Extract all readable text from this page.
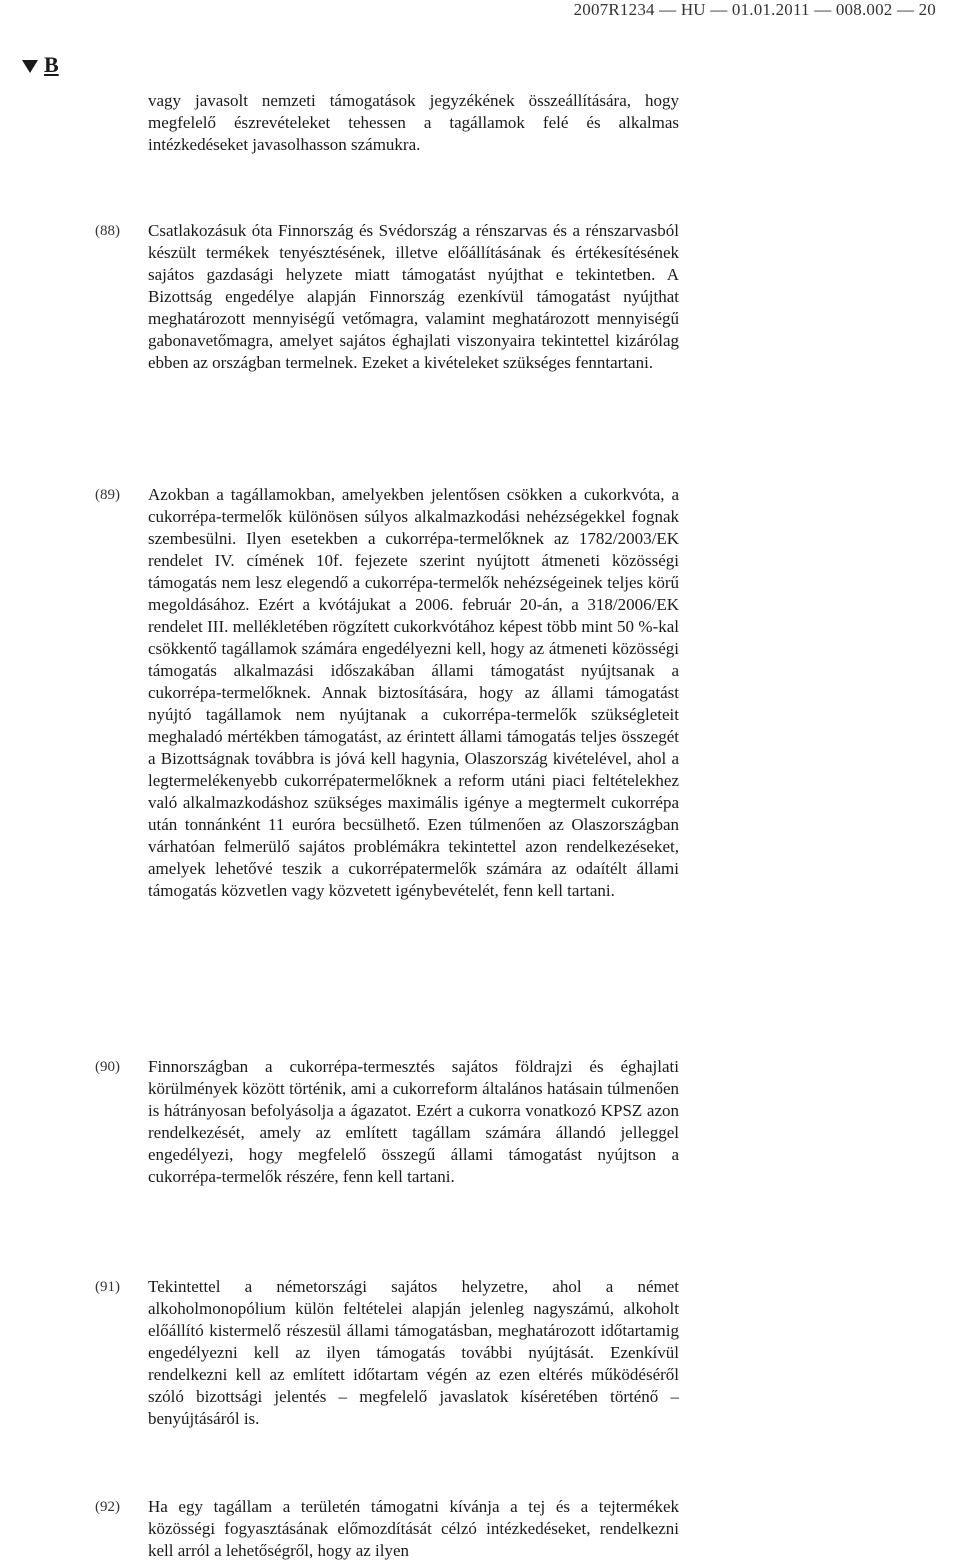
2007R1234 — HU — 01.01.2011 — 008.002 — 20
B
vagy javasolt nemzeti támogatások jegyzékének összeállítására, hogy megfelelő észrevételeket tehessen a tagállamok felé és alkalmas intézkedéseket javasolhasson számukra.
(88) Csatlakozásuk óta Finnország és Svédország a rénszarvas és a rénszarvasból készült termékek tenyésztésének, illetve előállításának és értékesítésének sajátos gazdasági helyzete miatt támogatást nyújthat e tekintetben. A Bizottság engedélye alapján Finnország ezenkívül támogatást nyújthat meghatározott mennyiségű vetőmagra, valamint meghatározott mennyiségű gabonavetőmagra, amelyet sajátos éghajlati viszonyaira tekintettel kizárólag ebben az országban termelnek. Ezeket a kivételeket szükséges fenntartani.
(89) Azokban a tagállamokban, amelyekben jelentősen csökken a cukorkvóta, a cukorrépa-termelők különösen súlyos alkalmazkodási nehézségekkel fognak szembesülni. Ilyen esetekben a cukorrépa-termelőknek az 1782/2003/EK rendelet IV. címének 10f. fejezete szerint nyújtott átmeneti közösségi támogatás nem lesz elegendő a cukorrépa-termelők nehézségeinek teljes körű megoldásához. Ezért a kvótájukat a 2006. február 20-án, a 318/2006/EK rendelet III. mellékletében rögzített cukorkvótához képest több mint 50 %-kal csökkentő tagállamok számára engedélyezni kell, hogy az átmeneti közösségi támogatás alkalmazási időszakában állami támogatást nyújtsanak a cukorrépa-termelőknek. Annak biztosítására, hogy az állami támogatást nyújtó tagállamok nem nyújtanak a cukorrépa-termelők szükségleteit meghaladó mértékben támogatást, az érintett állami támogatás teljes összegét a Bizottságnak továbbra is jóvá kell hagynia, Olaszország kivételével, ahol a legtermelékenyebb cukorrépatermelőknek a reform utáni piaci feltételekhez való alkalmazkodáshoz szükséges maximális igénye a megtermelt cukorrépa után tonnánként 11 euróra becsülhető. Ezen túlmenően az Olaszországban várhatóan felmerülő sajátos problémákra tekintettel azon rendelkezéseket, amelyek lehetővé teszik a cukorrépatermelők számára az odaítélt állami támogatás közvetlen vagy közvetett igénybevételét, fenn kell tartani.
(90) Finnországban a cukorrépa-termesztés sajátos földrajzi és éghajlati körülmények között történik, ami a cukorreform általános hatásain túlmenően is hátrányosan befolyásolja a ágazatot. Ezért a cukorra vonatkozó KPSZ azon rendelkezését, amely az említett tagállam számára állandó jelleggel engedélyezi, hogy megfelelő összegű állami támogatást nyújtson a cukorrépa-termelők részére, fenn kell tartani.
(91) Tekintettel a németországi sajátos helyzetre, ahol a német alkoholmonopólium külön feltételei alapján jelenleg nagyszámú, alkoholt előállító kistermelő részesül állami támogatásban, meghatározott időtartamig engedélyezni kell az ilyen támogatás további nyújtását. Ezenkívül rendelkezni kell az említett időtartam végén az ezen eltérés működéséről szóló bizottsági jelentés – megfelelő javaslatok kíséretében történő – benyújtásáról is.
(92) Ha egy tagállam a területén támogatni kívánja a tej és a tejtermékek közösségi fogyasztásának előmozdítását célzó intézkedéseket, rendelkezni kell arról a lehetőségről, hogy az ilyen
